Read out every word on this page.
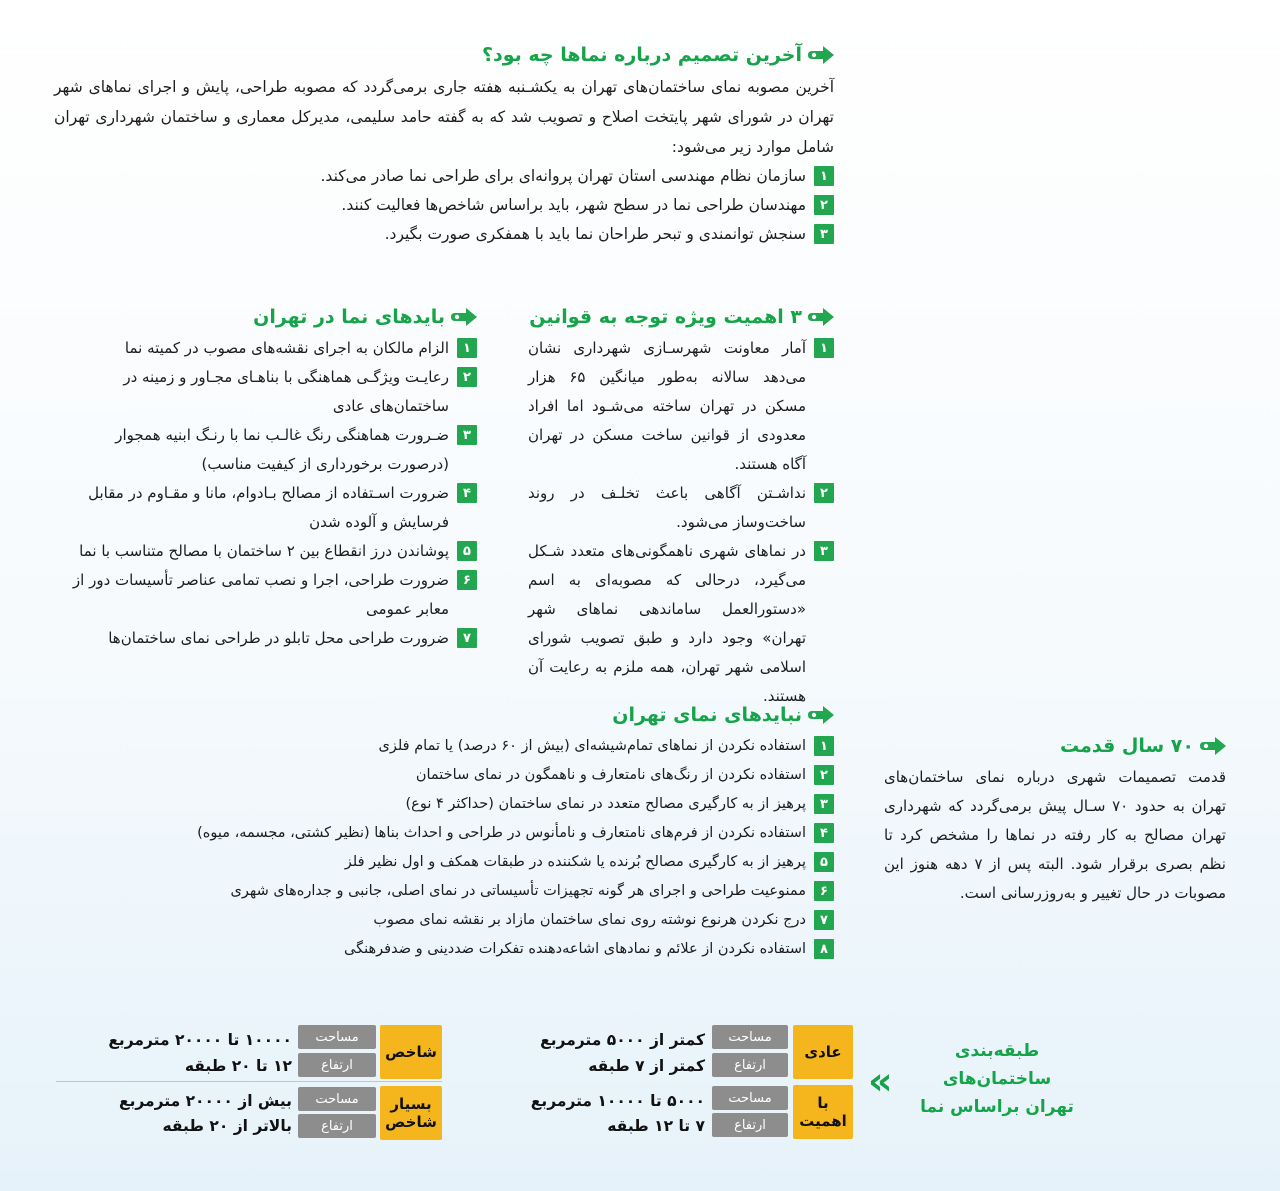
آخرین تصمیم درباره نماها چه بود؟

آخرین مصوبه نمای ساختمان‌های تهران به یکشـنبه هفته جاری برمی‌گردد که مصوبه طراحی، پایش و اجرای نماهای شهر تهران در شورای شهر پایتخت اصلاح و تصویب شد که به گفته حامد سلیمی، مدیرکل معماری و ساختمان شهرداری تهران شامل موارد زیر می‌شود:

۱
سازمان نظام مهندسی استان تهران پروانه‌ای برای طراحی نما صادر می‌کند.
۲
مهندسان طراحی نما در سطح شهر، باید براساس شاخص‌ها فعالیت کنند.
۳
سنجش توانمندی و تبحر طراحان نما باید با همفکری صورت بگیرد.
۳ اهمیت ویژه توجه به قوانین
۱
آمار معاونت شهرسـازی شهرداری نشان می‌دهد سالانه به‌طور میانگین ۶۵ هزار مسکن در تهران ساخته می‌شـود اما افراد معدودی از قوانین ساخت مسکن در تهران آگاه هستند.
۲
نداشـتن آگاهی باعث تخلـف در روند ساخت‌وساز می‌شود.
۳
در نماهای شهری ناهمگونی‌های متعدد شـکل می‌گیرد، درحالی که مصوبه‌ای به اسم «دستورالعمل ساماندهی نماهای شهر تهران» وجود دارد و طبق تصویب شورای اسلامی شهر تهران، همه ملزم به رعایت آن هستند.
بایدهای نما در تهران
۱
الزام مالکان به اجرای نقشه‌های مصوب در کمیته نما
۲
رعایـت ویژگـی هماهنگی با بناهـای مجـاور و زمینه در ساختمان‌های عادی
۳
ضـرورت هماهنگی رنگ غالـب نما با رنـگ ابنیه همجوار (درصورت برخورداری از کیفیت مناسب)
۴
ضرورت اسـتفاده از مصالح بـادوام، مانا و مقـاوم در مقابل فرسایش و آلوده شدن
۵
پوشاندن درز انقطاع بین ۲ ساختمان با مصالح متناسب با نما
۶
ضرورت طراحی، اجرا و نصب تمامی عناصر تأسیسات دور از معابر عمومی
۷
ضرورت طراحی محل تابلو در طراحی نمای ساختمان‌ها
۷۰ سال قدمت

قدمت تصمیمات شهری درباره نمای ساختمان‌های تهران به حدود ۷۰ سـال پیش برمی‌گردد که شهرداری تهران مصالح به کار رفته در نماها را مشخص کرد تا نظم بصری برقرار شود. البته پس از ۷ دهه هنوز این مصوبات در حال تغییر و به‌روزرسانی است.

نبایدهای نمای تهران
۱
استفاده نکردن از نماهای تمام‌شیشه‌ای (بیش از ۶۰ درصد) یا تمام فلزی
۲
استفاده نکردن از رنگ‌های نامتعارف و ناهمگون در نمای ساختمان
۳
پرهیز از به کارگیری مصالح متعدد در نمای ساختمان (حداکثر ۴ نوع)
۴
استفاده نکردن از فرم‌های نامتعارف و نامأنوس در طراحی و احداث بناها (نظیر کشتی، مجسمه، میوه)
۵
پرهیز از به کارگیری مصالح بُرنده یا شکننده در طبقات همکف و اول نظیر فلز
۶
ممنوعیت طراحی و اجرای هر گونه تجهیزات تأسیساتی در نمای اصلی، جانبی و جداره‌های شهری
۷
درج نکردن هرنوع نوشته روی نمای ساختمان مازاد بر نقشه نمای مصوب
۸
استفاده نکردن از علائم و نمادهای اشاعه‌دهنده تفکرات ضددینی و ضدفرهنگی
طبقه‌بندی
ساختمان‌های
تهران براساس نما
«
عادی
مساحت
ارتفاع
کمتر از ۵۰۰۰ مترمربع
کمتر از ۷ طبقه
با
اهمیت
مساحت
ارتفاع
۵۰۰۰ تا ۱۰۰۰۰ مترمربع
۷ تا ۱۲ طبقه
شاخص
مساحت
ارتفاع
۱۰۰۰۰ تا ۲۰۰۰۰ مترمربع
۱۲ تا ۲۰ طبقه
بسیار
شاخص
مساحت
ارتفاع
بیش از ۲۰۰۰۰ مترمربع
بالاتر از ۲۰ طبقه
